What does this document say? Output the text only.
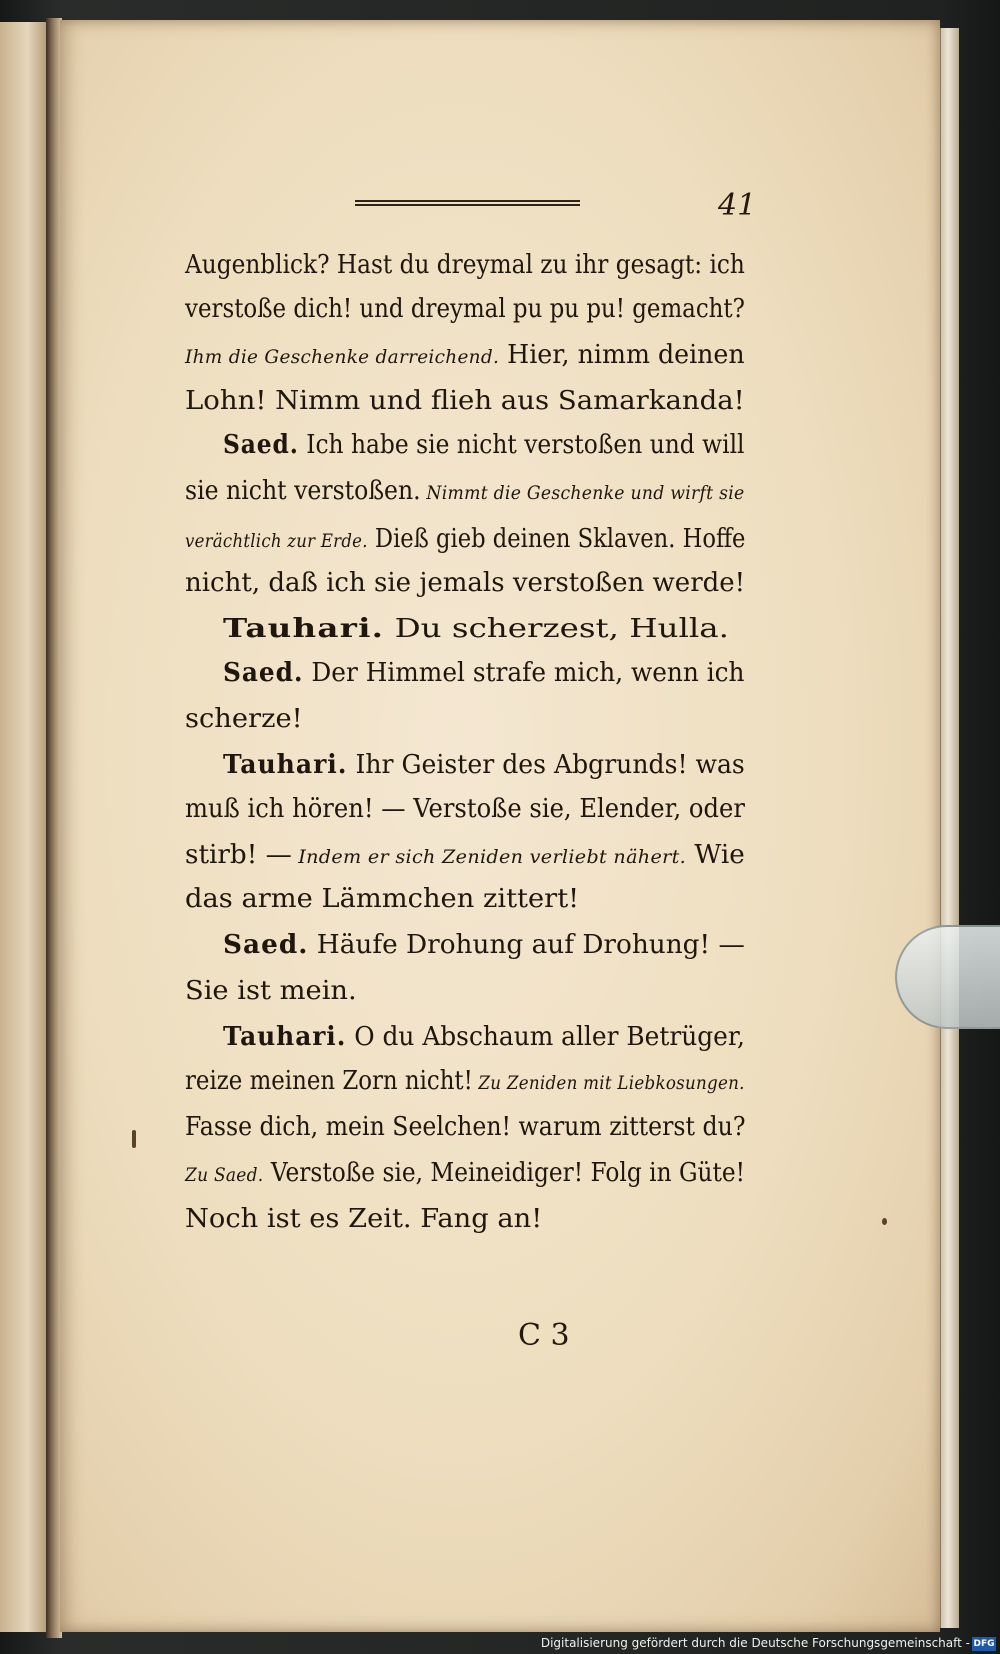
41
Augenblick? Hast du dreymal zu ihr gesagt: ich
verstoße dich! und dreymal pu pu pu! gemacht?
Ihm die Geschenke darreichend. Hier, nimm deinen
Lohn! Nimm und flieh aus Samarkanda!
Saed. Ich habe sie nicht verstoßen und will
sie nicht verstoßen. Nimmt die Geschenke und wirft sie
verächtlich zur Erde. Dieß gieb deinen Sklaven. Hoffe
nicht, daß ich sie jemals verstoßen werde!
Tauhari. Du scherzest, Hulla.
Saed. Der Himmel strafe mich, wenn ich
scherze!
Tauhari. Ihr Geister des Abgrunds! was
muß ich hören! — Verstoße sie, Elender, oder
stirb! — Indem er sich Zeniden verliebt nähert. Wie
das arme Lämmchen zittert!
Saed. Häufe Drohung auf Drohung! —
Sie ist mein.
Tauhari. O du Abschaum aller Betrüger,
reize meinen Zorn nicht! Zu Zeniden mit Liebkosungen.
Fasse dich, mein Seelchen! warum zitterst du?
Zu Saed. Verstoße sie, Meineidiger! Folg in Güte!
Noch ist es Zeit. Fang an!
C 3
Digitalisierung gefördert durch die Deutsche Forschungsgemeinschaft - DFG
